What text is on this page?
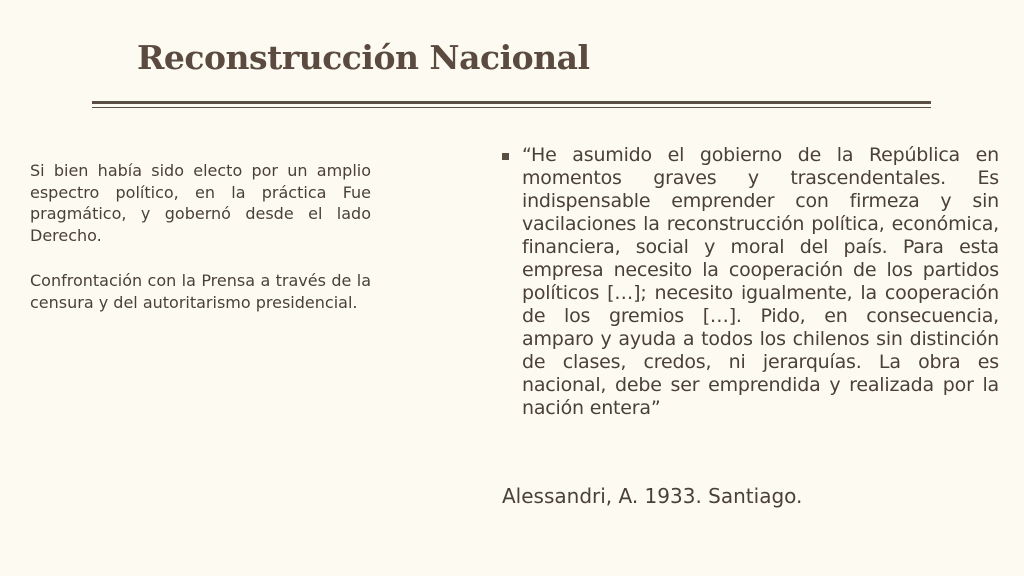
Reconstrucción Nacional

Si bien había sido electo por un amplio espectro político, en la práctica Fue pragmático, y gobernó desde el lado Derecho.

Confrontación con la Prensa a través de la censura y del autoritarismo presidencial.

“He asumido el gobierno de la República en momentos graves y trascendentales. Es indispensable emprender con firmeza y sin vacilaciones la reconstrucción política, económica, financiera, social y moral del país. Para esta empresa necesito la cooperación de los partidos políticos […]; necesito igualmente, la cooperación de los gremios […]. Pido, en consecuencia, amparo y ayuda a todos los chilenos sin distinción de clases, credos, ni jerarquías. La obra es nacional, debe ser emprendida y realizada por la nación entera”
Alessandri, A. 1933. Santiago.
